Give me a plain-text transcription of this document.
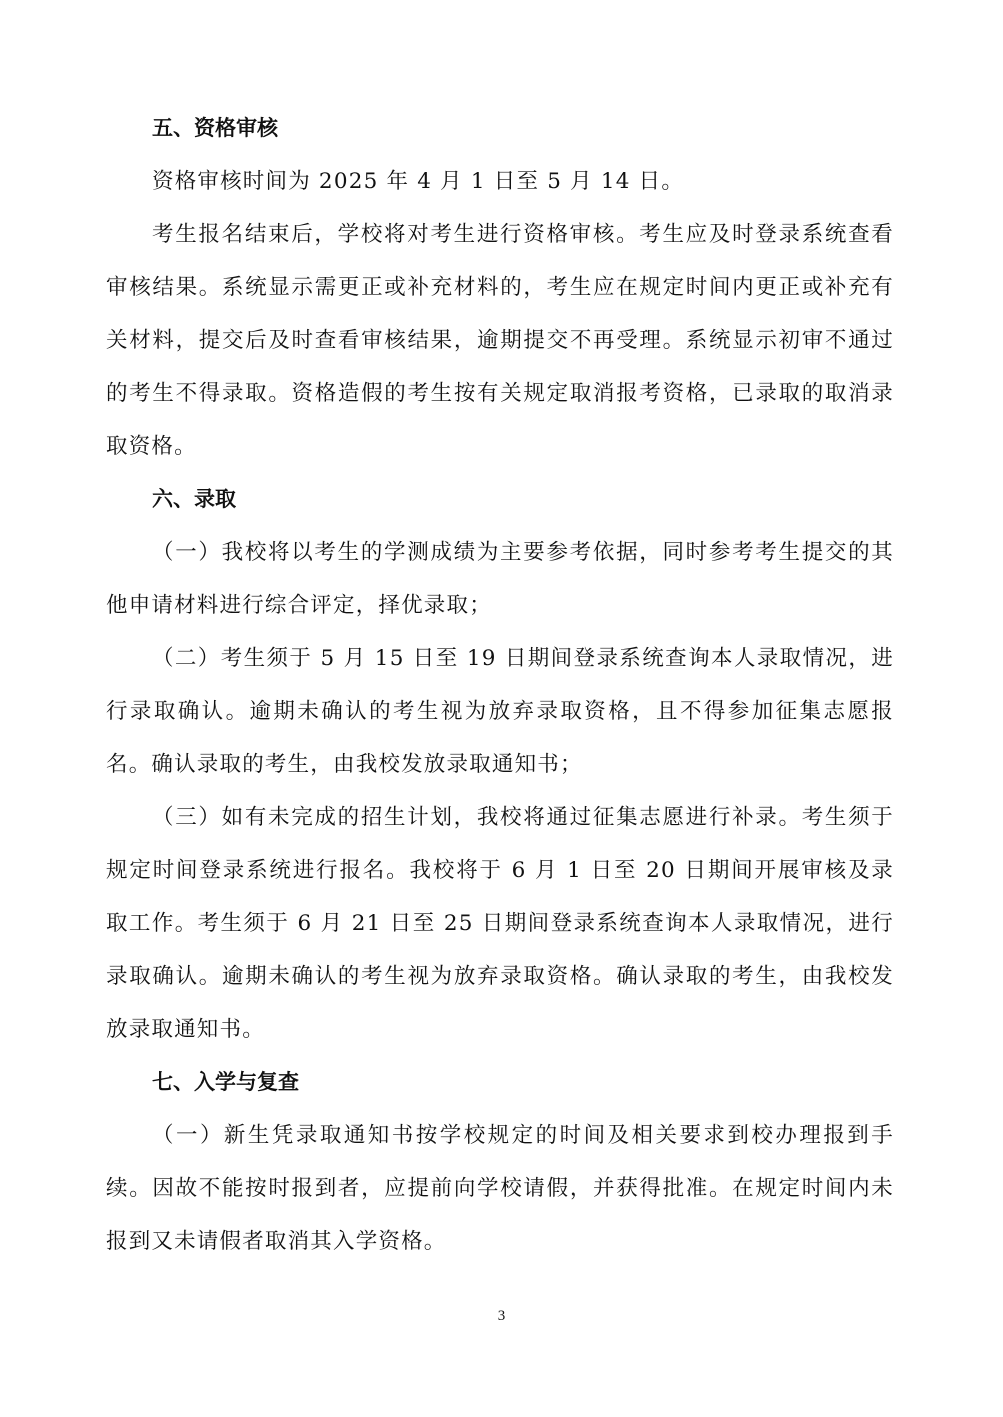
五、资格审核

资格审核时间为 2025 年 4 月 1 日至 5 月 14 日。

考生报名结束后，学校将对考生进行资格审核。考生应及时登录系统查看审核结果。系统显示需更正或补充材料的，考生应在规定时间内更正或补充有关材料，提交后及时查看审核结果，逾期提交不再受理。系统显示初审不通过的考生不得录取。资格造假的考生按有关规定取消报考资格，已录取的取消录取资格。

六、录取

（一）我校将以考生的学测成绩为主要参考依据，同时参考考生提交的其他申请材料进行综合评定，择优录取；

（二）考生须于 5 月 15 日至 19 日期间登录系统查询本人录取情况，进行录取确认。逾期未确认的考生视为放弃录取资格，且不得参加征集志愿报名。确认录取的考生，由我校发放录取通知书；

（三）如有未完成的招生计划，我校将通过征集志愿进行补录。考生须于规定时间登录系统进行报名。我校将于 6 月 1 日至 20 日期间开展审核及录取工作。考生须于 6 月 21 日至 25 日期间登录系统查询本人录取情况，进行录取确认。逾期未确认的考生视为放弃录取资格。确认录取的考生，由我校发放录取通知书。

七、入学与复查

（一）新生凭录取通知书按学校规定的时间及相关要求到校办理报到手续。因故不能按时报到者，应提前向学校请假，并获得批准。在规定时间内未报到又未请假者取消其入学资格。

3
